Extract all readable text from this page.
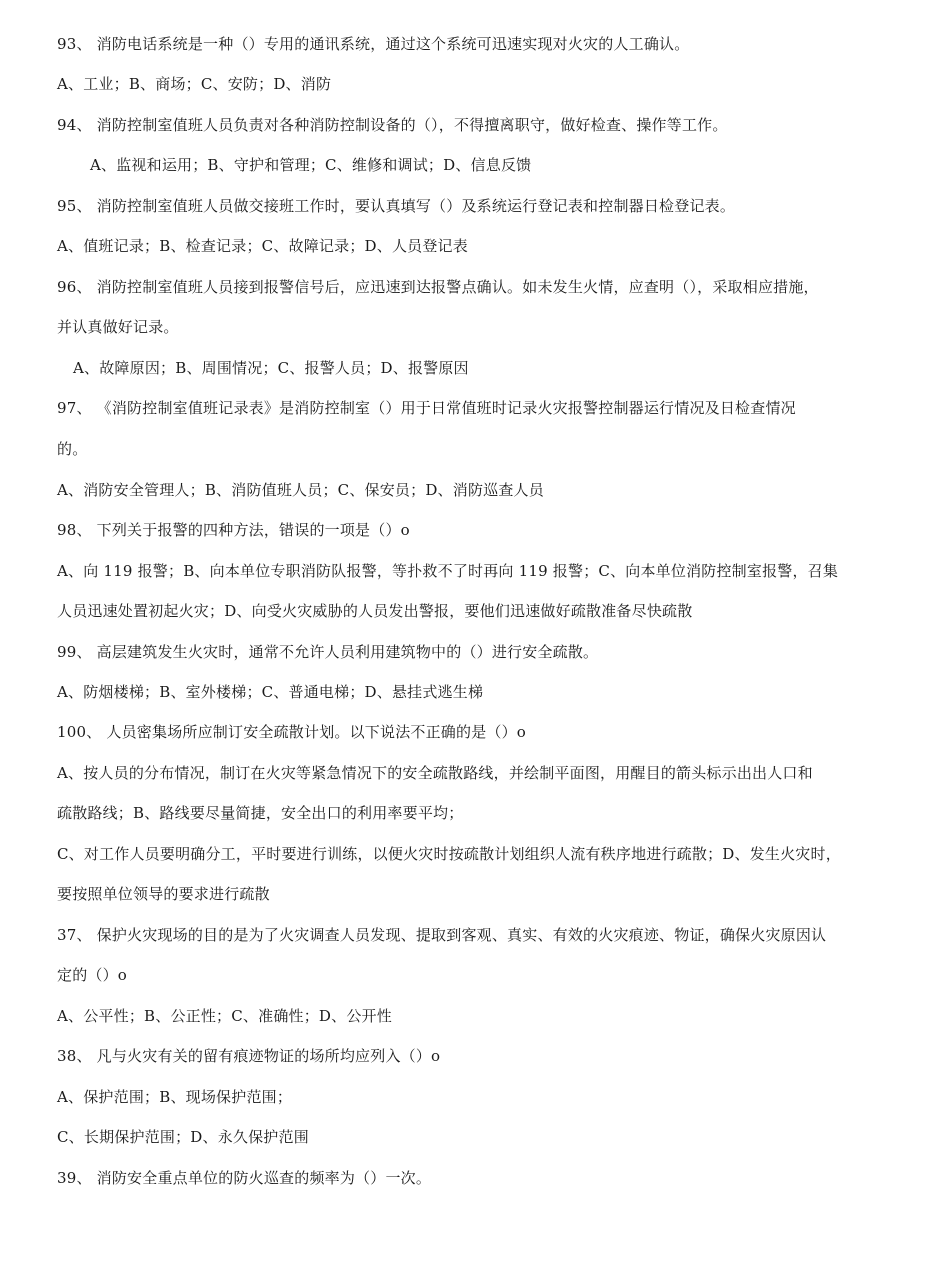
93、 消防电话系统是一种（）专用的通讯系统，通过这个系统可迅速实现对火灾的人工确认。
A、工业；B、商场；C、安防；D、消防
94、 消防控制室值班人员负责对各种消防控制设备的（），不得擅离职守，做好检查、操作等工作。
A、监视和运用；B、守护和管理；C、维修和调试；D、信息反馈
95、 消防控制室值班人员做交接班工作时，要认真填写（）及系统运行登记表和控制器日检登记表。
A、值班记录；B、检查记录；C、故障记录；D、人员登记表
96、 消防控制室值班人员接到报警信号后，应迅速到达报警点确认。如未发生火情，应查明（），采取相应措施，
并认真做好记录。
A、故障原因；B、周围情况；C、报警人员；D、报警原因
97、 《消防控制室值班记录表》是消防控制室（）用于日常值班时记录火灾报警控制器运行情况及日检查情况
的。
A、消防安全管理人；B、消防值班人员；C、保安员；D、消防巡查人员
98、 下列关于报警的四种方法，错误的一项是（）o
A、向 119 报警；B、向本单位专职消防队报警，等扑救不了时再向 119 报警；C、向本单位消防控制室报警，召集
人员迅速处置初起火灾；D、向受火灾威胁的人员发出警报，要他们迅速做好疏散准备尽快疏散
99、 高层建筑发生火灾时，通常不允许人员利用建筑物中的（）进行安全疏散。
A、防烟楼梯；B、室外楼梯；C、普通电梯；D、悬挂式逃生梯
100、 人员密集场所应制订安全疏散计划。以下说法不正确的是（）o
A、按人员的分布情况，制订在火灾等紧急情况下的安全疏散路线，并绘制平面图，用醒目的箭头标示出出人口和
疏散路线；B、路线要尽量简捷，安全出口的利用率要平均；
C、对工作人员要明确分工，平时要进行训练，以便火灾时按疏散计划组织人流有秩序地进行疏散；D、发生火灾时，
要按照单位领导的要求进行疏散
37、 保护火灾现场的目的是为了火灾调查人员发现、提取到客观、真实、有效的火灾痕迹、物证，确保火灾原因认
定的（）o
A、公平性；B、公正性；C、准确性；D、公开性
38、 凡与火灾有关的留有痕迹物证的场所均应列入（）o
A、保护范围；B、现场保护范围；
C、长期保护范围；D、永久保护范围
39、 消防安全重点单位的防火巡查的频率为（）一次。
